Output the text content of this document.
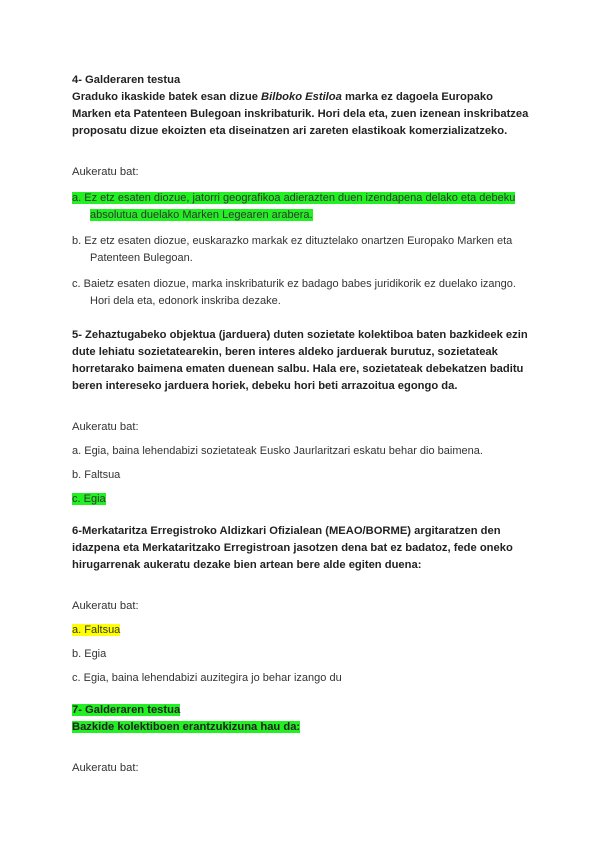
4- Galderaren testua

Graduko ikaskide batek esan dizue Bilboko Estiloa marka ez dagoela Europako Marken eta Patenteen Bulegoan inskribaturik. Hori dela eta, zuen izenean inskribatzea proposatu dizue ekoizten eta diseinatzen ari zareten elastikoak komerzializatzeko.

Aukeratu bat:

a. Ez etz esaten diozue, jatorri geografikoa adierazten duen izendapena delako eta debeku absolutua duelako Marken Legearen arabera.

b. Ez etz esaten diozue, euskarazko markak ez dituztelako onartzen Europako Marken eta Patenteen Bulegoan.

c. Baietz esaten diozue, marka inskribaturik ez badago babes juridikorik ez duelako izango. Hori dela eta, edonork inskriba dezake.

5- Zehaztugabeko objektua (jarduera) duten sozietate kolektiboa baten bazkideek ezin dute lehiatu sozietatearekin, beren interes aldeko jarduerak burutuz, sozietateak horretarako baimena ematen duenean salbu. Hala ere, sozietateak debekatzen baditu beren intereseko jarduera horiek, debeku hori beti arrazoitua egongo da.

Aukeratu bat:

a. Egia, baina lehendabizi sozietateak Eusko Jaurlaritzari eskatu behar dio baimena.

b. Faltsua

c. Egia

6-Merkataritza Erregistroko Aldizkari Ofizialean (MEAO/BORME) argitaratzen den idazpena eta Merkataritzako Erregistroan jasotzen dena bat ez badatoz, fede oneko hirugarrenak aukeratu dezake bien artean bere alde egiten duena:

Aukeratu bat:

a. Faltsua

b. Egia

c. Egia, baina lehendabizi auzitegira jo behar izango du

7- Galderaren testua

Bazkide kolektiboen erantzukizuna hau da:

Aukeratu bat:
